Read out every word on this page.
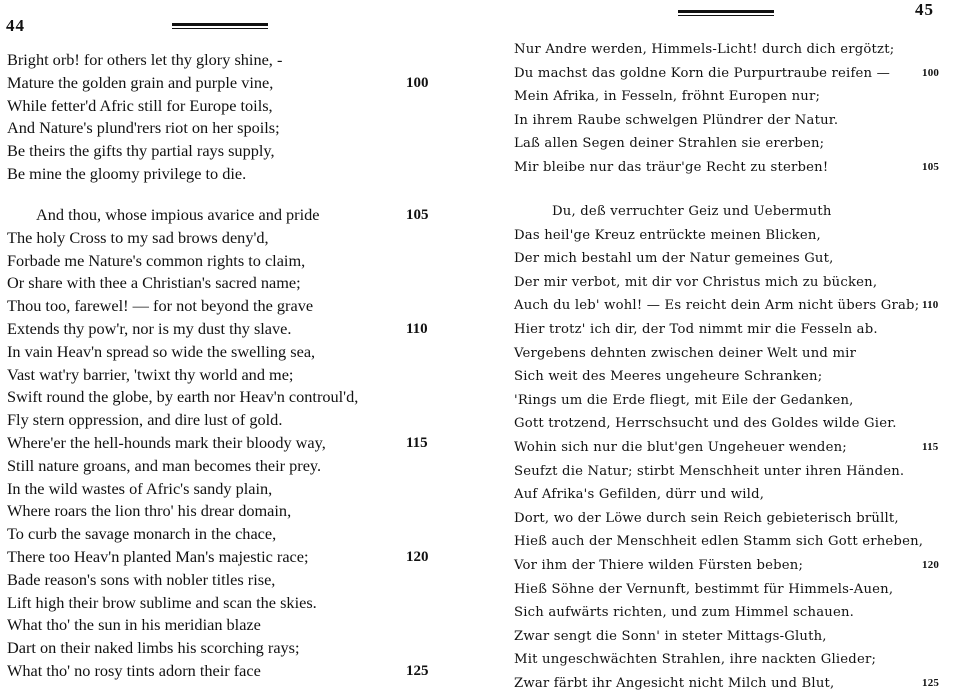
44
Bright orb! for others let thy glory shine, -
Mature the golden grain and purple vine,	100
While fetter'd Afric still for Europe toils,
And Nature's plund'rers riot on her spoils;
Be theirs the gifts thy partial rays supply,
Be mine the gloomy privilege to die.
And thou, whose impious avarice and pride	105
The holy Cross to my sad brows deny'd,
Forbade me Nature's common rights to claim,
Or share with thee a Christian's sacred name;
Thou too, farewel! — for not beyond the grave
Extends thy pow'r, nor is my dust thy slave.	110
In vain Heav'n spread so wide the swelling sea,
Vast wat'ry barrier, 'twixt thy world and me;
Swift round the globe, by earth nor Heav'n controul'd,
Fly stern oppression, and dire lust of gold.
Where'er the hell-hounds mark their bloody way,	115
Still nature groans, and man becomes their prey.
In the wild wastes of Afric's sandy plain,
Where roars the lion thro' his drear domain,
To curb the savage monarch in the chace,
There too Heav'n planted Man's majestic race;	120
Bade reason's sons with nobler titles rise,
Lift high their brow sublime and scan the skies.
What tho' the sun in his meridian blaze
Dart on their naked limbs his scorching rays;
What tho' no rosy tints adorn their face	125
45
Nur Andre werden, Himmels-Licht! durch dich ergötzt;
Du machst das goldne Korn die Purpurtraube reifen —	100
Mein Afrika, in Fesseln, fröhnt Europen nur;
In ihrem Raube schwelgen Plündrer der Natur.
Laß allen Segen deiner Strahlen sie ererben;
Mir bleibe nur das träur'ge Recht zu sterben!	105
Du, deß verruchter Geiz und Uebermuth
Das heil'ge Kreuz entrückte meinen Blicken,
Der mich bestahl um der Natur gemeines Gut,
Der mir verbot, mit dir vor Christus mich zu bücken,
Auch du leb' wohl! — Es reicht dein Arm nicht übers Grab; 110
Hier trotz' ich dir, der Tod nimmt mir die Fesseln ab.
Vergebens dehnten zwischen deiner Welt und mir
Sich weit des Meeres ungeheure Schranken;
'Rings um die Erde fliegt, mit Eile der Gedanken,
Gott trotzend, Herrschsucht und des Goldes wilde Gier.
Wohin sich nur die blut'gen Ungeheuer wenden;	115
Seufzt die Natur; stirbt Menschheit unter ihren Händen.
Auf Afrika's Gefilden, dürr und wild,
Dort, wo der Löwe durch sein Reich gebieterisch brüllt,
Hieß auch der Menschheit edlen Stamm sich Gott erheben,
Vor ihm der Thiere wilden Fürsten beben;	120
Hieß Söhne der Vernunft, bestimmt für Himmels-Auen,
Sich aufwärts richten, und zum Himmel schauen.
Zwar sengt die Sonn' in steter Mittags-Gluth,
Mit ungeschwächten Strahlen, ihre nackten Glieder;
Zwar färbt ihr Angesicht nicht Milch und Blut,	125
